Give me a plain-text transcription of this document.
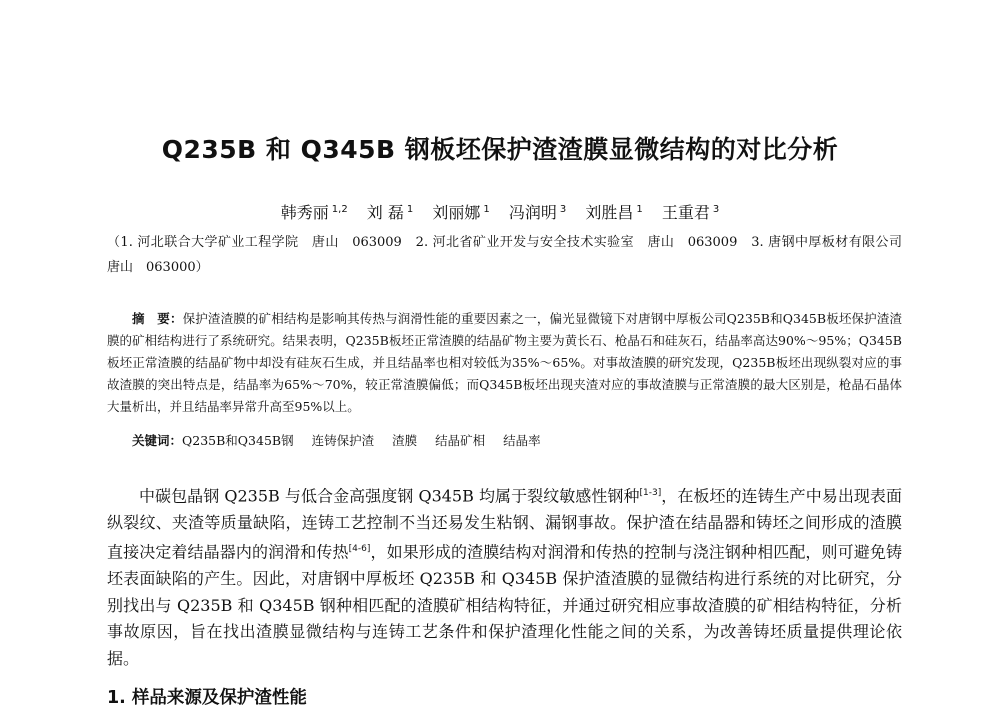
Q235B 和 Q345B 钢板坯保护渣渣膜显微结构的对比分析
韩秀丽 $^{1,2}$ 刘 磊 $^1$ 刘丽娜 $^1$ 冯润明 $^3$ 刘胜昌 $^1$ 王重君 $^3$
（1. 河北联合大学矿业工程学院　唐山　063009　2. 河北省矿业开发与安全技术实验室　唐山　063009　3. 唐钢中厚板材有限公司　唐山　063000）
摘　要：保护渣渣膜的矿相结构是影响其传热与润滑性能的重要因素之一，偏光显微镜下对唐钢中厚板公司Q235B和Q345B板坯保护渣渣膜的矿相结构进行了系统研究。结果表明，Q235B板坯正常渣膜的结晶矿物主要为黄长石、枪晶石和硅灰石，结晶率高达90%～95%；Q345B板坯正常渣膜的结晶矿物中却没有硅灰石生成，并且结晶率也相对较低为35%～65%。对事故渣膜的研究发现，Q235B板坯出现纵裂对应的事故渣膜的突出特点是，结晶率为65%～70%，较正常渣膜偏低；而Q345B板坯出现夹渣对应的事故渣膜与正常渣膜的最大区别是，枪晶石晶体大量析出，并且结晶率异常升高至95%以上。
关键词：Q235B和Q345B钢 连铸保护渣 渣膜 结晶矿相 结晶率

中碳包晶钢 Q235B 与低合金高强度钢 Q345B 均属于裂纹敏感性钢种[1-3]，在板坯的连铸生产中易出现表面纵裂纹、夹渣等质量缺陷，连铸工艺控制不当还易发生粘钢、漏钢事故。保护渣在结晶器和铸坯之间形成的渣膜直接决定着结晶器内的润滑和传热[4-6]，如果形成的渣膜结构对润滑和传热的控制与浇注钢种相匹配，则可避免铸坯表面缺陷的产生。因此，对唐钢中厚板坯 Q235B 和 Q345B 保护渣渣膜的显微结构进行系统的对比研究，分别找出与 Q235B 和 Q345B 钢种相匹配的渣膜矿相结构特征，并通过研究相应事故渣膜的矿相结构特征，分析事故原因，旨在找出渣膜显微结构与连铸工艺条件和保护渣理化性能之间的关系，为改善铸坯质量提供理论依据。

1. 样品来源及保护渣性能
